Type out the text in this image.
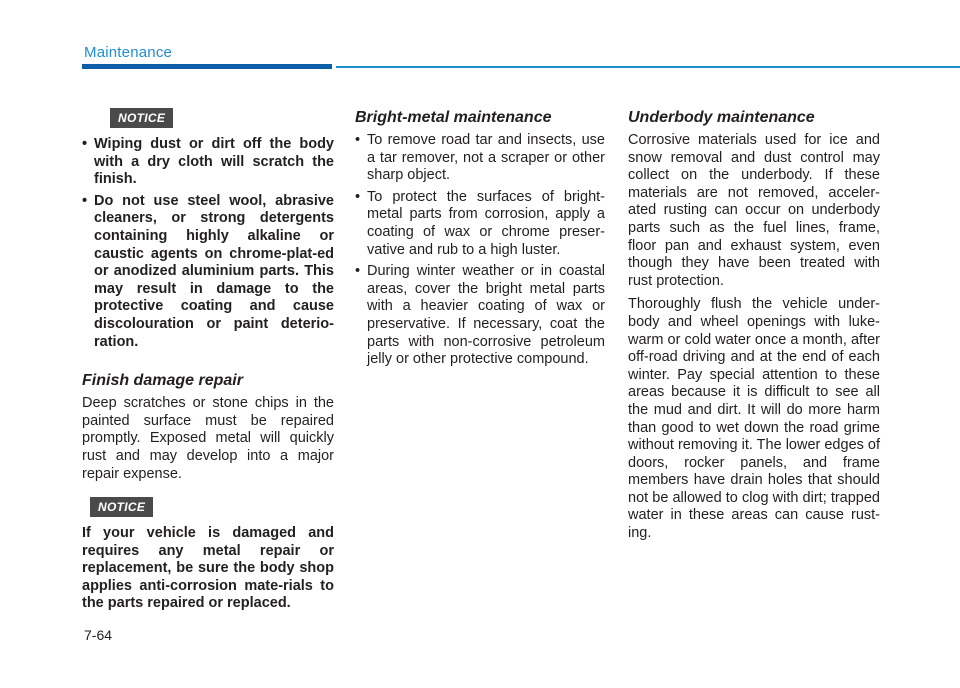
Maintenance
NOTICE
• Wiping dust or dirt off the body with a dry cloth will scratch the finish.
• Do not use steel wool, abrasive cleaners, or strong detergents containing highly alkaline or caustic agents on chrome-plat-ed or anodized aluminium parts. This may result in damage to the protective coating and cause discolouration or paint deterio-ration.
Finish damage repair

Deep scratches or stone chips in the painted surface must be repaired promptly. Exposed metal will quickly rust and may develop into a major repair expense.

NOTICE

If your vehicle is damaged and requires any metal repair or replacement, be sure the body shop applies anti-corrosion mate-rials to the parts repaired or replaced.

Bright-metal maintenance
• To remove road tar and insects, use a tar remover, not a scraper or other sharp object.
• To protect the surfaces of bright-metal parts from corrosion, apply a coating of wax or chrome preser-vative and rub to a high luster.
• During winter weather or in coastal areas, cover the bright metal parts with a heavier coating of wax or preservative. If necessary, coat the parts with non-corrosive petroleum jelly or other protective compound.
Underbody maintenance

Corrosive materials used for ice and snow removal and dust control may collect on the underbody. If these materials are not removed, acceler-ated rusting can occur on underbody parts such as the fuel lines, frame, floor pan and exhaust system, even though they have been treated with rust protection.

Thoroughly flush the vehicle under-body and wheel openings with luke-warm or cold water once a month, after off-road driving and at the end of each winter. Pay special attention to these areas because it is difficult to see all the mud and dirt. It will do more harm than good to wet down the road grime without removing it. The lower edges of doors, rocker panels, and frame members have drain holes that should not be allowed to clog with dirt; trapped water in these areas can cause rust-ing.

7-64
